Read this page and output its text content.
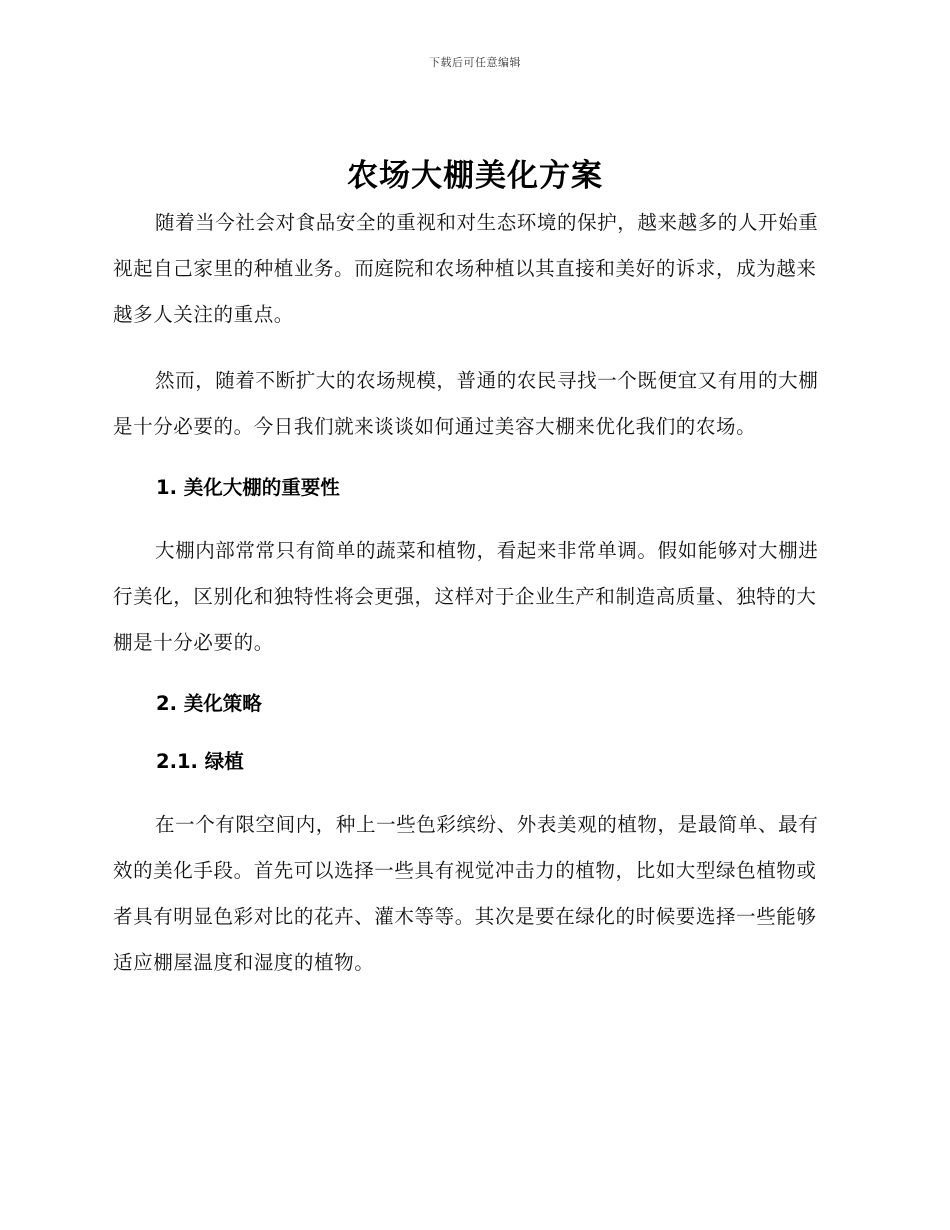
下载后可任意编辑
农场大棚美化方案

随着当今社会对食品安全的重视和对生态环境的保护，越来越多的人开始重视起自己家里的种植业务。而庭院和农场种植以其直接和美好的诉求，成为越来越多人关注的重点。

然而，随着不断扩大的农场规模，普通的农民寻找一个既便宜又有用的大棚是十分必要的。今日我们就来谈谈如何通过美容大棚来优化我们的农场。

1. 美化大棚的重要性

大棚内部常常只有简单的蔬菜和植物，看起来非常单调。假如能够对大棚进行美化，区别化和独特性将会更强，这样对于企业生产和制造高质量、独特的大棚是十分必要的。

2. 美化策略
2.1. 绿植

在一个有限空间内，种上一些色彩缤纷、外表美观的植物，是最简单、最有效的美化手段。首先可以选择一些具有视觉冲击力的植物，比如大型绿色植物或者具有明显色彩对比的花卉、灌木等等。其次是要在绿化的时候要选择一些能够适应棚屋温度和湿度的植物。
